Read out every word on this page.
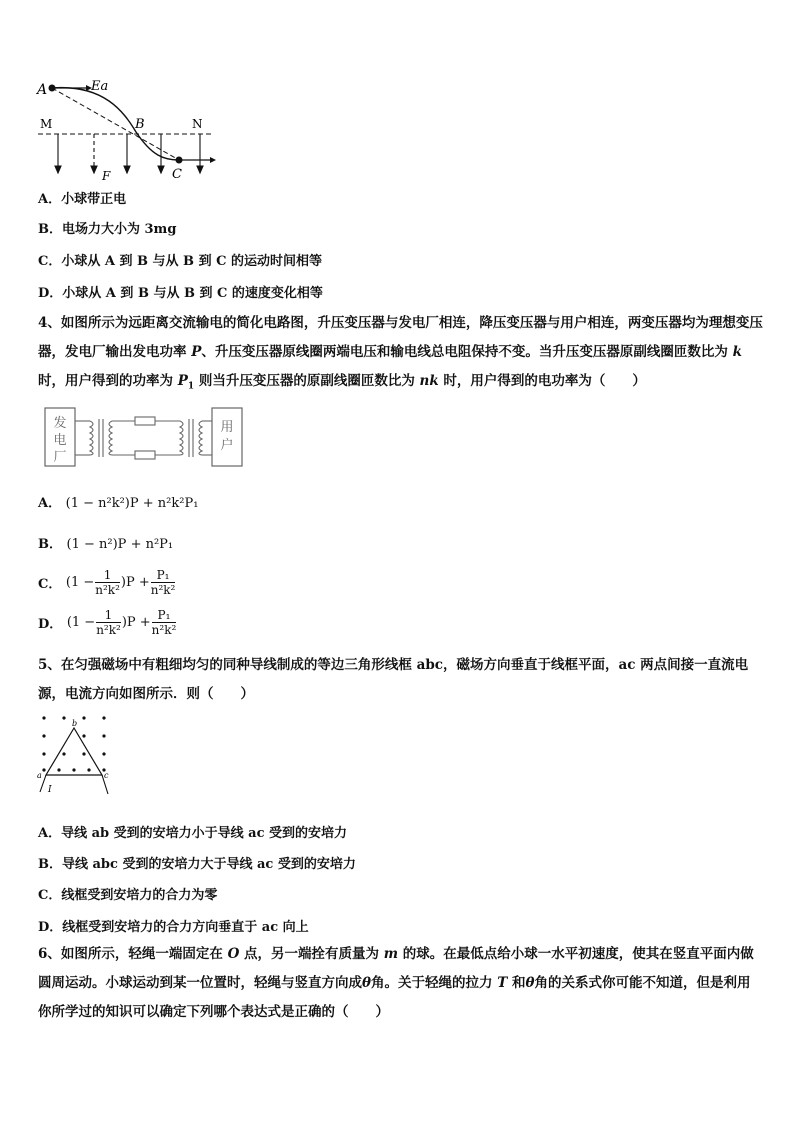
A	Ea
M	B	N
F	C
A．小球带正电
B．电场力大小为 3mg
C．小球从 A 到 B 与从 B 到 C 的运动时间相等
D．小球从 A 到 B 与从 B 到 C 的速度变化相等
4、如图所示为远距离交流输电的简化电路图，升压变压器与发电厂相连，降压变压器与用户相连，两变压器均为理想变压器，发电厂输出发电功率 P、升压变压器原线圈两端电压和输电线总电阻保持不变。当升压变压器原副线圈匝数比为 k 时，用户得到的功率为 $P_1$ 则当升压变压器的原副线圈匝数比为 nk 时，用户得到的电功率为（　　）
发电厂
用户
A． (1 − n²k²)P + n²k²P₁
B． (1 − n²)P + n²P₁
C． $(1 - \frac{1}{\text{n²k²}} )P + \frac{\text{P₁}}{\text{n²k²}}$
D． $(1 - \frac{1}{\text{n²k²}} )P + \frac{\text{P₁}}{\text{n²k²}}$
5、在匀强磁场中有粗细均匀的同种导线制成的等边三角形线框 abc，磁场方向垂直于线框平面，ac 两点间接一直流电源，电流方向如图所示．则（　　）
b
a	c
I
A．导线 ab 受到的安培力小于导线 ac 受到的安培力
B．导线 abc 受到的安培力大于导线 ac 受到的安培力
C．线框受到安培力的合力为零
D．线框受到安培力的合力方向垂直于 ac 向上
6、如图所示，轻绳一端固定在 O 点，另一端拴有质量为 m 的球。在最低点给小球一水平初速度，使其在竖直平面内做圆周运动。小球运动到某一位置时，轻绳与竖直方向成θ角。关于轻绳的拉力 T 和θ角的关系式你可能不知道，但是利用你所学过的知识可以确定下列哪个表达式是正确的（　　）
